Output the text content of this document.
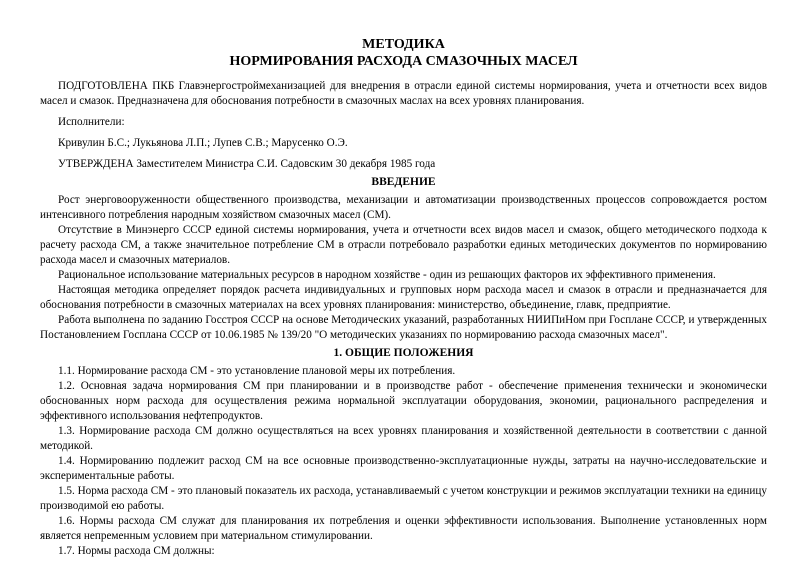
МЕТОДИКА
НОРМИРОВАНИЯ РАСХОДА СМАЗОЧНЫХ МАСЕЛ

ПОДГОТОВЛЕНА ПКБ Главэнергостроймеханизацией для внедрения в отрасли единой системы нормирования, учета и отчетности всех видов масел и смазок. Предназначена для обоснования потребности в смазочных маслах на всех уровнях планирования.

Исполнители:

Кривулин Б.С.; Лукьянова Л.П.; Лупев С.В.; Марусенко О.Э.

УТВЕРЖДЕНА Заместителем Министра С.И. Садовским 30 декабря 1985 года

ВВЕДЕНИЕ

Рост энерговооруженности общественного производства, механизации и автоматизации производственных процессов сопровождается ростом интенсивного потребления народным хозяйством смазочных масел (СМ).

Отсутствие в Минэнерго СССР единой системы нормирования, учета и отчетности всех видов масел и смазок, общего методического подхода к расчету расхода СМ, а также значительное потребление СМ в отрасли потребовало разработки единых методических документов по нормированию расхода масел и смазочных материалов.

Рациональное использование материальных ресурсов в народном хозяйстве - один из решающих факторов их эффективного применения.

Настоящая методика определяет порядок расчета индивидуальных и групповых норм расхода масел и смазок в отрасли и предназначается для обоснования потребности в смазочных материалах на всех уровнях планирования: министерство, объединение, главк, предприятие.

Работа выполнена по заданию Госстроя СССР на основе Методических указаний, разработанных НИИПиНом при Госплане СССР, и утвержденных Постановлением Госплана СССР от 10.06.1985 № 139/20 "О методических указаниях по нормированию расхода смазочных масел".

1. ОБЩИЕ ПОЛОЖЕНИЯ

1.1. Нормирование расхода СМ - это установление плановой меры их потребления.

1.2. Основная задача нормирования СМ при планировании и в производстве работ - обеспечение применения технически и экономически обоснованных норм расхода для осуществления режима нормальной эксплуатации оборудования, экономии, рационального распределения и эффективного использования нефтепродуктов.

1.3. Нормирование расхода СМ должно осуществляться на всех уровнях планирования и хозяйственной деятельности в соответствии с данной методикой.

1.4. Нормированию подлежит расход СМ на все основные производственно-эксплуатационные нужды, затраты на научно-исследовательские и экспериментальные работы.

1.5. Норма расхода СМ - это плановый показатель их расхода, устанавливаемый с учетом конструкции и режимов эксплуатации техники на единицу производимой ею работы.

1.6. Нормы расхода СМ служат для планирования их потребления и оценки эффективности использования. Выполнение установленных норм является непременным условием при материальном стимулировании.

1.7. Нормы расхода СМ должны:
